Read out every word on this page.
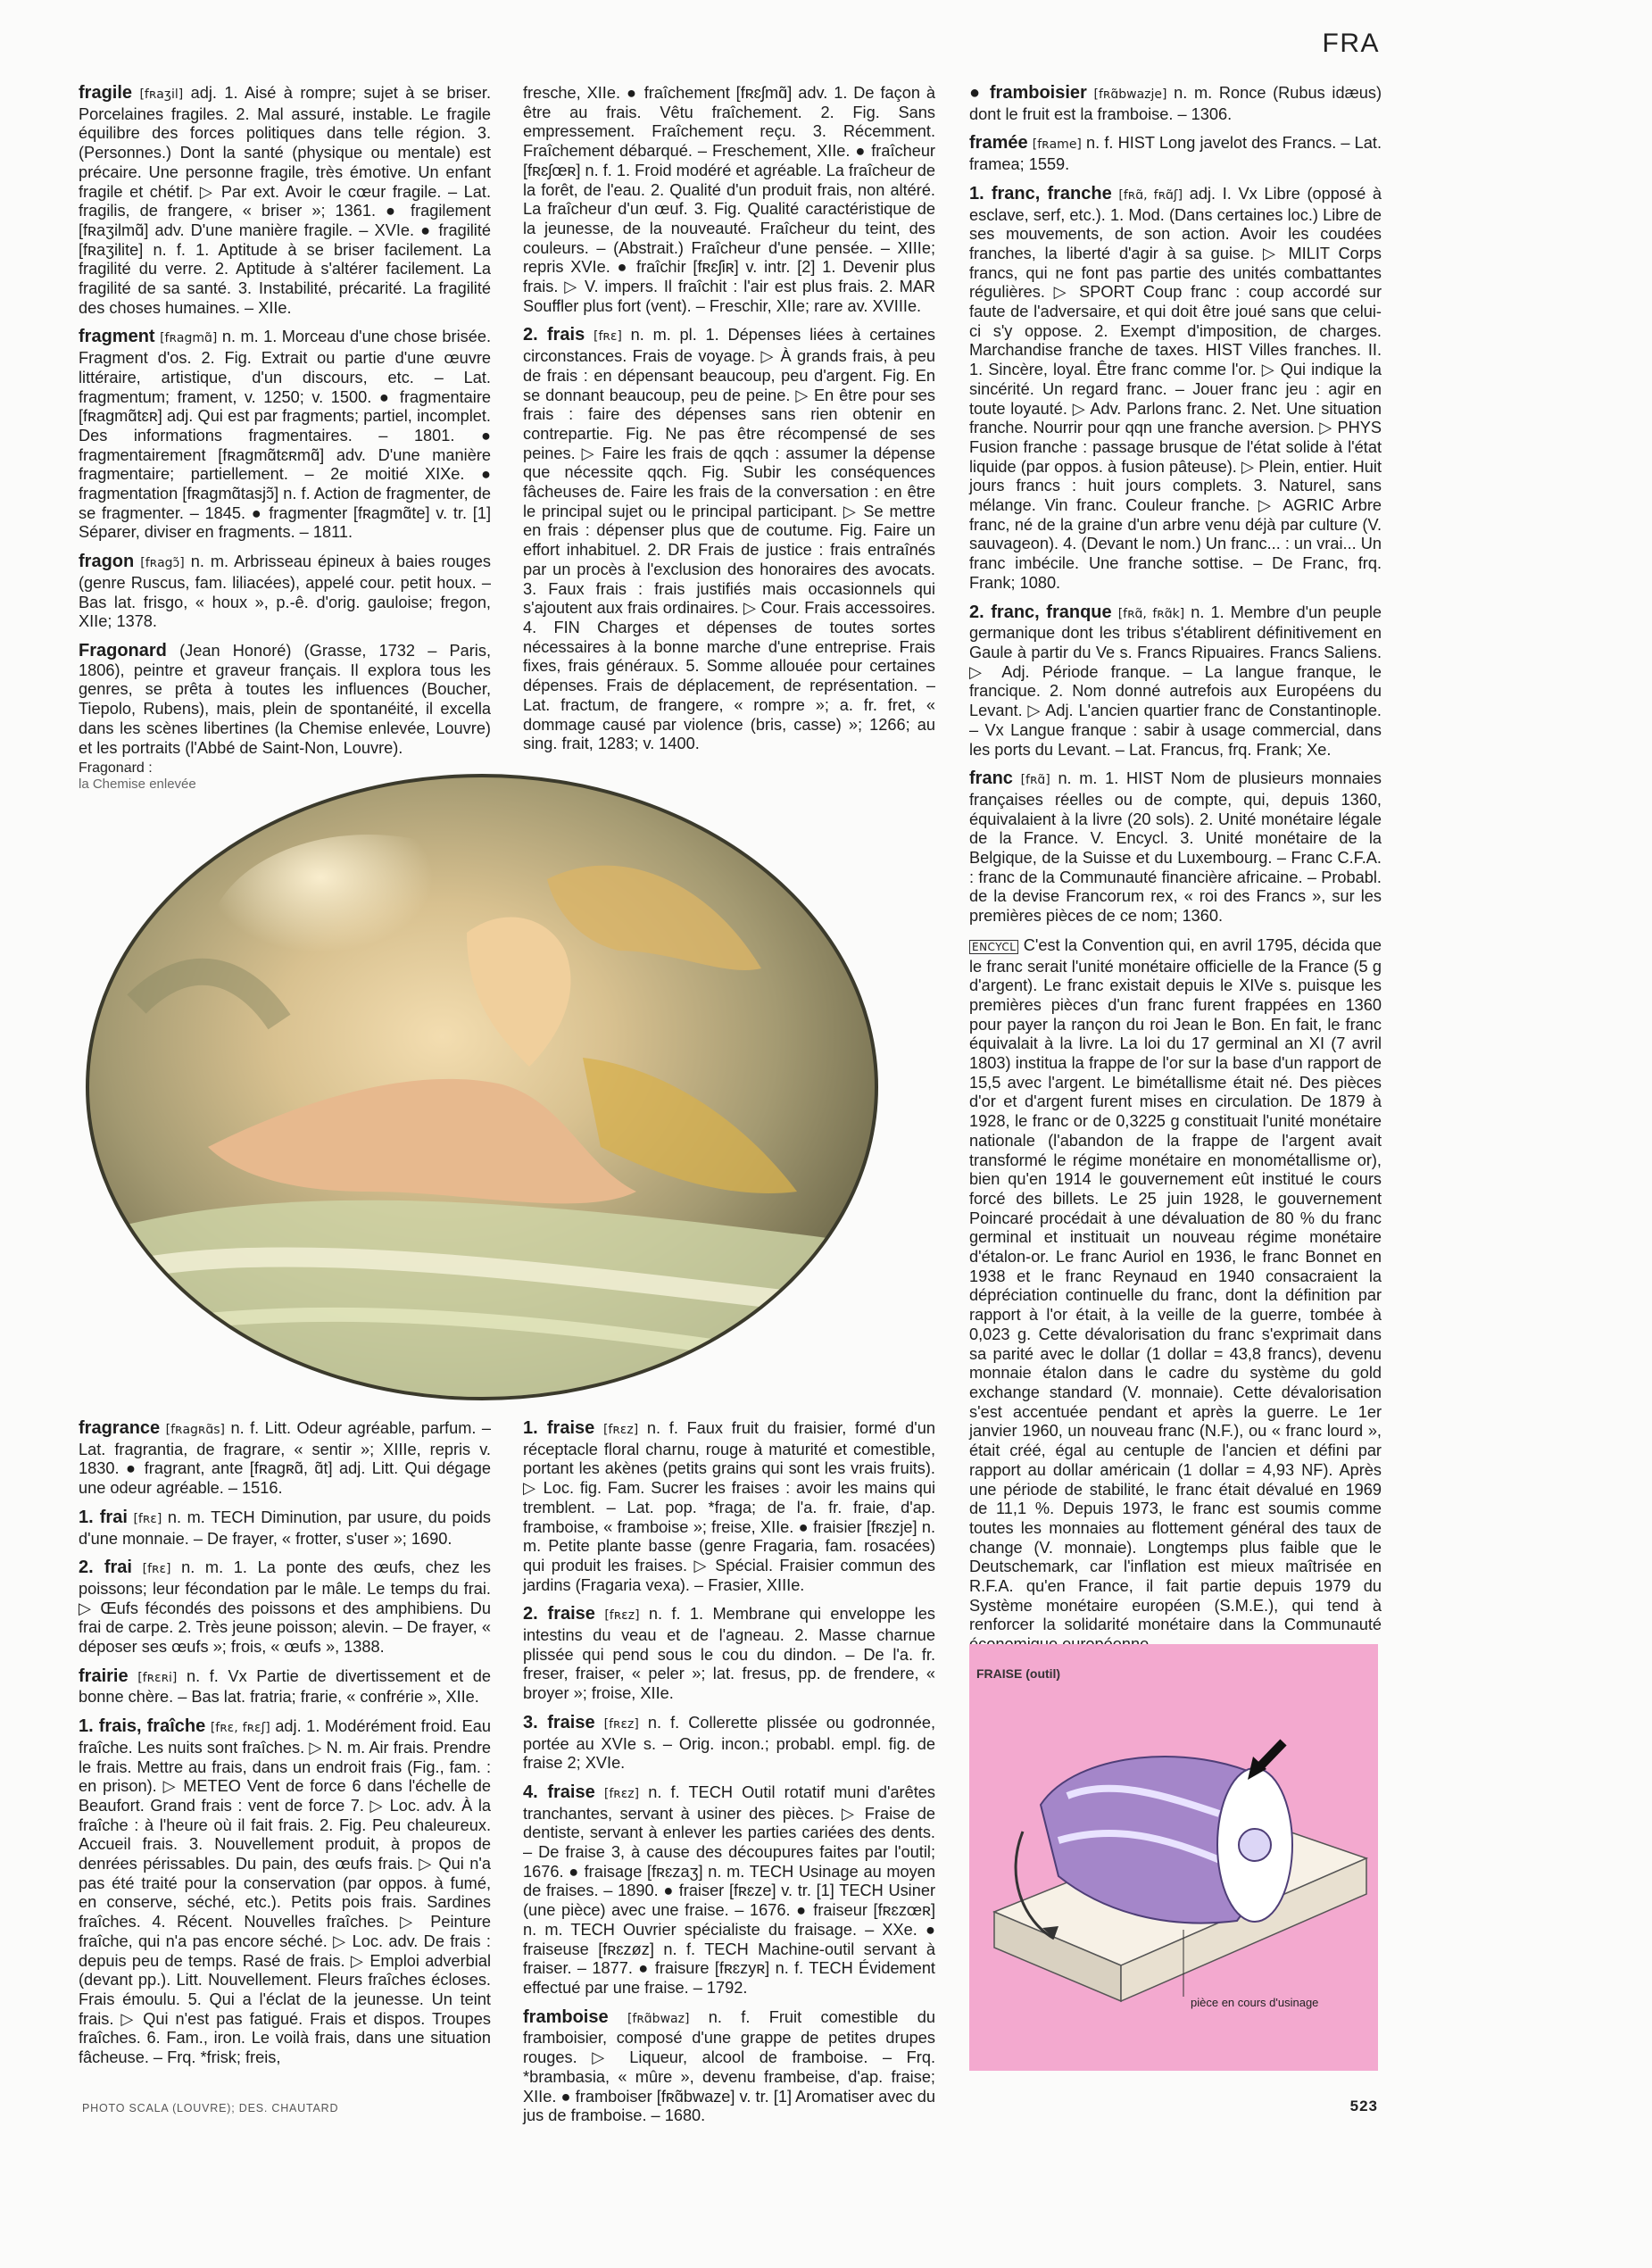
FRA

fragile [fʀaʒil] adj. 1. Aisé à rompre; sujet à se briser. Porcelaines fragiles. 2. Mal assuré, instable. Le fragile équilibre des forces politiques dans telle région. 3. (Personnes.) Dont la santé (physique ou mentale) est précaire. Une personne fragile, très émotive. Un enfant fragile et chétif. ▷ Par ext. Avoir le cœur fragile. – Lat. fragilis, de frangere, « briser »; 1361. ● fragilement [fʀaʒilmɑ̃] adv. D'une manière fragile. – XVIe. ● fragilité [fʀaʒilite] n. f. 1. Aptitude à se briser facilement. La fragilité du verre. 2. Aptitude à s'altérer facilement. La fragilité de sa santé. 3. Instabilité, précarité. La fragilité des choses humaines. – XIIe.

fragment [fʀagmɑ̃] n. m. 1. Morceau d'une chose brisée. Fragment d'os. 2. Fig. Extrait ou partie d'une œuvre littéraire, artistique, d'un discours, etc. – Lat. fragmentum; frament, v. 1250; v. 1500. ● fragmentaire [fʀagmɑ̃tɛʀ] adj. Qui est par fragments; partiel, incomplet. Des informations fragmentaires. – 1801. ● fragmentairement [fʀagmɑ̃tɛʀmɑ̃] adv. D'une manière fragmentaire; partiellement. – 2e moitié XIXe. ● fragmentation [fʀagmɑ̃tasjɔ̃] n. f. Action de fragmenter, de se fragmenter. – 1845. ● fragmenter [fʀagmɑ̃te] v. tr. [1] Séparer, diviser en fragments. – 1811.

fragon [fʀagɔ̃] n. m. Arbrisseau épineux à baies rouges (genre Ruscus, fam. liliacées), appelé cour. petit houx. – Bas lat. frisgo, « houx », p.-ê. d'orig. gauloise; fregon, XIIe; 1378.

Fragonard (Jean Honoré) (Grasse, 1732 – Paris, 1806), peintre et graveur français. Il explora tous les genres, se prêta à toutes les influences (Boucher, Tiepolo, Rubens), mais, plein de spontanéité, il excella dans les scènes libertines (la Chemise enlevée, Louvre) et les portraits (l'Abbé de Saint-Non, Louvre).

fresche, XIIe. ● fraîchement [fʀɛʃmɑ̃] adv. 1. De façon à être au frais. Vêtu fraîchement. 2. Fig. Sans empressement. Fraîchement reçu. 3. Récemment. Fraîchement débarqué. – Freschement, XIIe. ● fraîcheur [fʀɛʃœʀ] n. f. 1. Froid modéré et agréable. La fraîcheur de la forêt, de l'eau. 2. Qualité d'un produit frais, non altéré. La fraîcheur d'un œuf. 3. Fig. Qualité caractéristique de la jeunesse, de la nouveauté. Fraîcheur du teint, des couleurs. – (Abstrait.) Fraîcheur d'une pensée. – XIIIe; repris XVIe. ● fraîchir [fʀɛʃiʀ] v. intr. [2] 1. Devenir plus frais. ▷ V. impers. Il fraîchit : l'air est plus frais. 2. MAR Souffler plus fort (vent). – Freschir, XIIe; rare av. XVIIIe.

2. frais [fʀɛ] n. m. pl. 1. Dépenses liées à certaines circonstances. Frais de voyage. ▷ À grands frais, à peu de frais : en dépensant beaucoup, peu d'argent. Fig. En se donnant beaucoup, peu de peine. ▷ En être pour ses frais : faire des dépenses sans rien obtenir en contrepartie. Fig. Ne pas être récompensé de ses peines. ▷ Faire les frais de qqch : assumer la dépense que nécessite qqch. Fig. Subir les conséquences fâcheuses de. Faire les frais de la conversation : en être le principal sujet ou le principal participant. ▷ Se mettre en frais : dépenser plus que de coutume. Fig. Faire un effort inhabituel. 2. DR Frais de justice : frais entraînés par un procès à l'exclusion des honoraires des avocats. 3. Faux frais : frais justifiés mais occasionnels qui s'ajoutent aux frais ordinaires. ▷ Cour. Frais accessoires. 4. FIN Charges et dépenses de toutes sortes nécessaires à la bonne marche d'une entreprise. Frais fixes, frais généraux. 5. Somme allouée pour certaines dépenses. Frais de déplacement, de représentation. – Lat. fractum, de frangere, « rompre »; a. fr. fret, « dommage causé par violence (bris, casse) »; 1266; au sing. frait, 1283; v. 1400.

● framboisier [fʀɑ̃bwazje] n. m. Ronce (Rubus idæus) dont le fruit est la framboise. – 1306.

framée [fʀame] n. f. HIST Long javelot des Francs. – Lat. framea; 1559.

1. franc, franche [fʀɑ̃, fʀɑ̃ʃ] adj. I. Vx Libre (opposé à esclave, serf, etc.). 1. Mod. (Dans certaines loc.) Libre de ses mouvements, de son action. Avoir les coudées franches, la liberté d'agir à sa guise. ▷ MILIT Corps francs, qui ne font pas partie des unités combattantes régulières. ▷ SPORT Coup franc : coup accordé sur faute de l'adversaire, et qui doit être joué sans que celui-ci s'y oppose. 2. Exempt d'imposition, de charges. Marchandise franche de taxes. HIST Villes franches. II. 1. Sincère, loyal. Être franc comme l'or. ▷ Qui indique la sincérité. Un regard franc. – Jouer franc jeu : agir en toute loyauté. ▷ Adv. Parlons franc. 2. Net. Une situation franche. Nourrir pour qqn une franche aversion. ▷ PHYS Fusion franche : passage brusque de l'état solide à l'état liquide (par oppos. à fusion pâteuse). ▷ Plein, entier. Huit jours francs : huit jours complets. 3. Naturel, sans mélange. Vin franc. Couleur franche. ▷ AGRIC Arbre franc, né de la graine d'un arbre venu déjà par culture (V. sauvageon). 4. (Devant le nom.) Un franc... : un vrai... Un franc imbécile. Une franche sottise. – De Franc, frq. Frank; 1080.

2. franc, franque [fʀɑ̃, fʀɑ̃k] n. 1. Membre d'un peuple germanique dont les tribus s'établirent définitivement en Gaule à partir du Ve s. Francs Ripuaires. Francs Saliens. ▷ Adj. Période franque. – La langue franque, le francique. 2. Nom donné autrefois aux Européens du Levant. ▷ Adj. L'ancien quartier franc de Constantinople. – Vx Langue franque : sabir à usage commercial, dans les ports du Levant. – Lat. Francus, frq. Frank; Xe.

franc [fʀɑ̃] n. m. 1. HIST Nom de plusieurs monnaies françaises réelles ou de compte, qui, depuis 1360, équivalaient à la livre (20 sols). 2. Unité monétaire légale de la France. V. Encycl. 3. Unité monétaire de la Belgique, de la Suisse et du Luxembourg. – Franc C.F.A. : franc de la Communauté financière africaine. – Probabl. de la devise Francorum rex, « roi des Francs », sur les premières pièces de ce nom; 1360.

ENCYCL C'est la Convention qui, en avril 1795, décida que le franc serait l'unité monétaire officielle de la France (5 g d'argent). Le franc existait depuis le XIVe s. puisque les premières pièces d'un franc furent frappées en 1360 pour payer la rançon du roi Jean le Bon. En fait, le franc équivalait à la livre. La loi du 17 germinal an XI (7 avril 1803) institua la frappe de l'or sur la base d'un rapport de 15,5 avec l'argent. Le bimétallisme était né. Des pièces d'or et d'argent furent mises en circulation. De 1879 à 1928, le franc or de 0,3225 g constituait l'unité monétaire nationale (l'abandon de la frappe de l'argent avait transformé le régime monétaire en monométallisme or), bien qu'en 1914 le gouvernement eût institué le cours forcé des billets. Le 25 juin 1928, le gouvernement Poincaré procédait à une dévaluation de 80 % du franc germinal et instituait un nouveau régime monétaire d'étalon-or. Le franc Auriol en 1936, le franc Bonnet en 1938 et le franc Reynaud en 1940 consacraient la dépréciation continuelle du franc, dont la définition par rapport à l'or était, à la veille de la guerre, tombée à 0,023 g. Cette dévalorisation du franc s'exprimait dans sa parité avec le dollar (1 dollar = 43,8 francs), devenu monnaie étalon dans le cadre du système du gold exchange standard (V. monnaie). Cette dévalorisation s'est accentuée pendant et après la guerre. Le 1er janvier 1960, un nouveau franc (N.F.), ou « franc lourd », était créé, égal au centuple de l'ancien et défini par rapport au dollar américain (1 dollar = 4,93 NF). Après une période de stabilité, le franc était dévalué en 1969 de 11,1 %. Depuis 1973, le franc est soumis comme toutes les monnaies au flottement général des taux de change (V. monnaie). Longtemps plus faible que le Deutschemark, car l'inflation est mieux maîtrisée en R.F.A. qu'en France, il fait partie depuis 1979 du Système monétaire européen (S.M.E.), qui tend à renforcer la solidarité monétaire dans la Communauté

Fragonard :
la Chemise enlevée

fragrance [fʀagʀɑ̃s] n. f. Litt. Odeur agréable, parfum. – Lat. fragrantia, de fragrare, « sentir »; XIIIe, repris v. 1830. ● fragrant, ante [fʀagʀɑ̃, ɑ̃t] adj. Litt. Qui dégage une odeur agréable. – 1516.

1. frai [fʀɛ] n. m. TECH Diminution, par usure, du poids d'une monnaie. – De frayer, « frotter, s'user »; 1690.

2. frai [fʀɛ] n. m. 1. La ponte des œufs, chez les poissons; leur fécondation par le mâle. Le temps du frai. ▷ Œufs fécondés des poissons et des amphibiens. Du frai de carpe. 2. Très jeune poisson; alevin. – De frayer, « déposer ses œufs »; frois, « œufs », 1388.

frairie [fʀɛʀi] n. f. Vx Partie de divertissement et de bonne chère. – Bas lat. fratria; frarie, « confrérie », XIIe.

1. frais, fraîche [fʀɛ, fʀɛʃ] adj. 1. Modérément froid. Eau fraîche. Les nuits sont fraîches. ▷ N. m. Air frais. Prendre le frais. Mettre au frais, dans un endroit frais (Fig., fam. : en prison). ▷ METEO Vent de force 6 dans l'échelle de Beaufort. Grand frais : vent de force 7. ▷ Loc. adv. À la fraîche : à l'heure où il fait frais. 2. Fig. Peu chaleureux. Accueil frais. 3. Nouvellement produit, à propos de denrées périssables. Du pain, des œufs frais. ▷ Qui n'a pas été traité pour la conservation (par oppos. à fumé, en conserve, séché, etc.). Petits pois frais. Sardines fraîches. 4. Récent. Nouvelles fraîches. ▷ Peinture fraîche, qui n'a pas encore séché. ▷ Loc. adv. De frais : depuis peu de temps. Rasé de frais. ▷ Emploi adverbial (devant pp.). Litt. Nouvellement. Fleurs fraîches écloses. Frais émoulu. 5. Qui a l'éclat de la jeunesse. Un teint frais. ▷ Qui n'est pas fatigué. Frais et dispos. Troupes fraîches. 6. Fam., iron. Le voilà frais, dans une situation fâcheuse. – Frq. *frisk; freis,

1. fraise [fʀɛz] n. f. Faux fruit du fraisier, formé d'un réceptacle floral charnu, rouge à maturité et comestible, portant les akènes (petits grains qui sont les vrais fruits). ▷ Loc. fig. Fam. Sucrer les fraises : avoir les mains qui tremblent. – Lat. pop. *fraga; de l'a. fr. fraie, d'ap. framboise, « framboise »; freise, XIIe. ● fraisier [fʀɛzje] n. m. Petite plante basse (genre Fragaria, fam. rosacées) qui produit les fraises. ▷ Spécial. Fraisier commun des jardins (Fragaria vexa). – Frasier, XIIIe.

2. fraise [fʀɛz] n. f. 1. Membrane qui enveloppe les intestins du veau et de l'agneau. 2. Masse charnue plissée qui pend sous le cou du dindon. – De l'a. fr. freser, fraiser, « peler »; lat. fresus, pp. de frendere, « broyer »; froise, XIIe.

3. fraise [fʀɛz] n. f. Collerette plissée ou godronnée, portée au XVIe s. – Orig. incon.; probabl. empl. fig. de fraise 2; XVIe.

4. fraise [fʀɛz] n. f. TECH Outil rotatif muni d'arêtes tranchantes, servant à usiner des pièces. ▷ Fraise de dentiste, servant à enlever les parties cariées des dents. – De fraise 3, à cause des découpures faites par l'outil; 1676. ● fraisage [fʀɛzaʒ] n. m. TECH Usinage au moyen de fraises. – 1890. ● fraiser [fʀɛze] v. tr. [1] TECH Usiner (une pièce) avec une fraise. – 1676. ● fraiseur [fʀɛzœʀ] n. m. TECH Ouvrier spécialiste du fraisage. – XXe. ● fraiseuse [fʀɛzøz] n. f. TECH Machine-outil servant à fraiser. – 1877. ● fraisure [fʀɛzyʀ] n. f. TECH Évidement effectué par une fraise. – 1792.

framboise [fʀɑ̃bwaz] n. f. Fruit comestible du framboisier, composé d'une grappe de petites drupes rouges. ▷ Liqueur, alcool de framboise. – Frq. *brambasia, « mûre », devenu frambeise, d'ap. fraise; XIIe. ● framboiser [fʀɑ̃bwaze] v. tr. [1] Aromatiser avec du jus de framboise. – 1680.

FRAISE (outil)
pièce en cours d'usinage
PHOTO SCALA (LOUVRE); DES. CHAUTARD	523
